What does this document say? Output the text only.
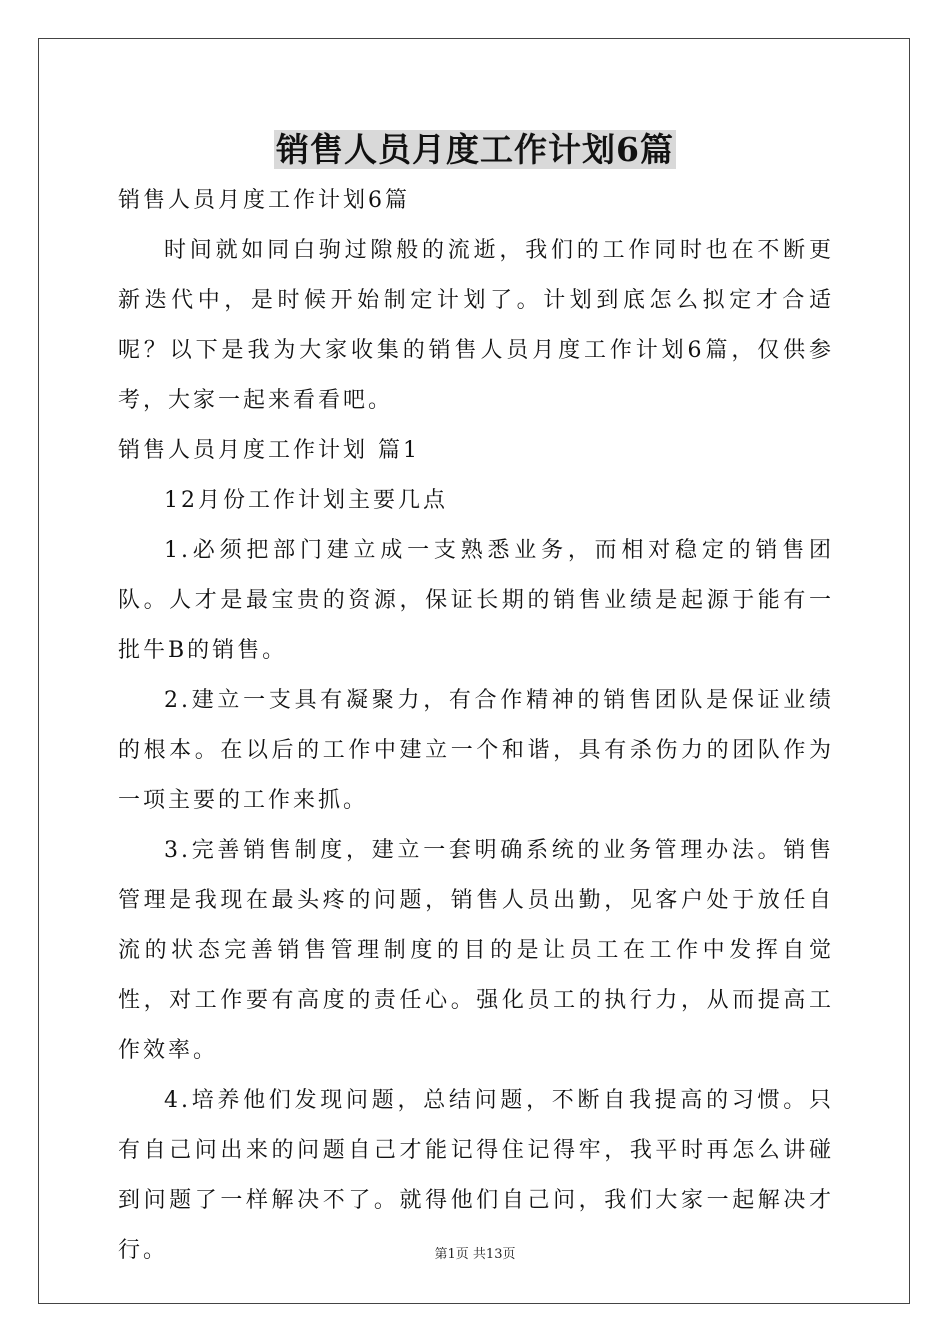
销售人员月度工作计划6篇

销售人员月度工作计划6篇

时间就如同白驹过隙般的流逝，我们的工作同时也在不断更新迭代中，是时候开始制定计划了。计划到底怎么拟定才合适呢？以下是我为大家收集的销售人员月度工作计划6篇，仅供参考，大家一起来看看吧。

销售人员月度工作计划 篇1

12月份工作计划主要几点

1.必须把部门建立成一支熟悉业务，而相对稳定的销售团队。人才是最宝贵的资源，保证长期的销售业绩是起源于能有一批牛B的销售。

2.建立一支具有凝聚力，有合作精神的销售团队是保证业绩的根本。在以后的工作中建立一个和谐，具有杀伤力的团队作为一项主要的工作来抓。

3.完善销售制度，建立一套明确系统的业务管理办法。销售管理是我现在最头疼的问题，销售人员出勤，见客户处于放任自流的状态完善销售管理制度的目的是让员工在工作中发挥自觉性，对工作要有高度的责任心。强化员工的执行力，从而提高工作效率。

4.培养他们发现问题，总结问题，不断自我提高的习惯。只有自己问出来的问题自己才能记得住记得牢，我平时再怎么讲碰到问题了一样解决不了。就得他们自己问，我们大家一起解决才行。	第1页 共13页
